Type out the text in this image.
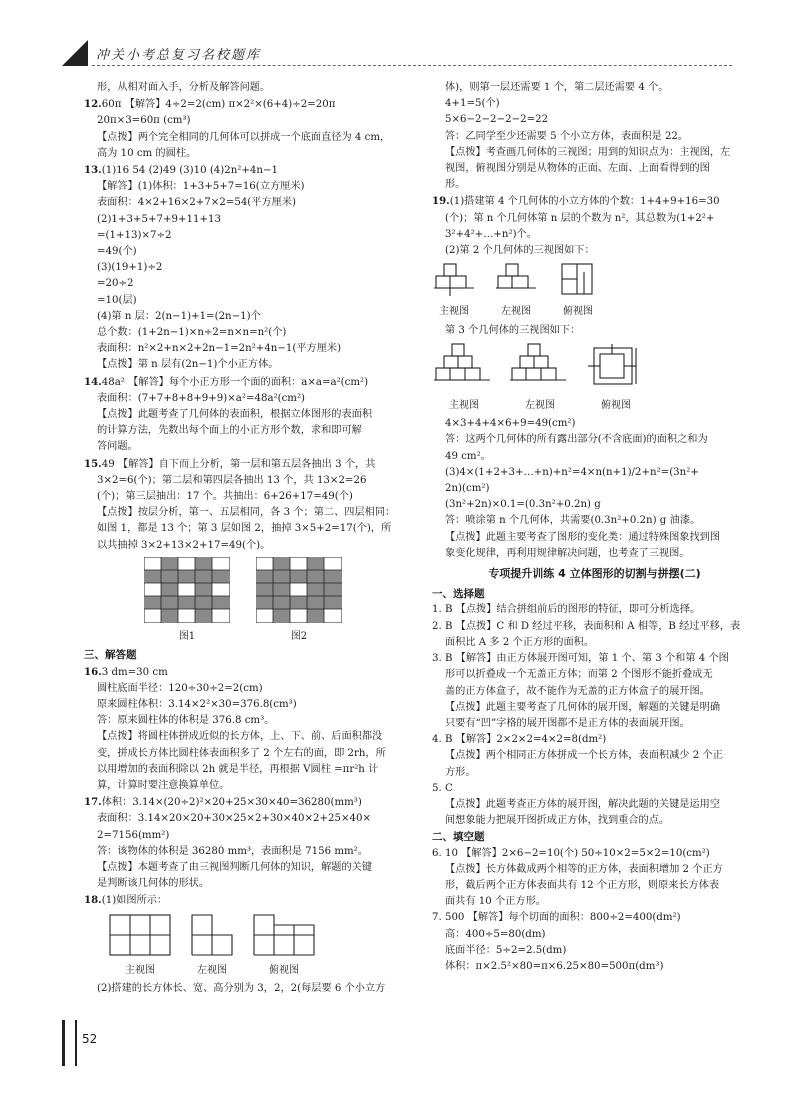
冲关小考总复习名校题库

形，从相对面入手，分析及解答问题。

12.60π 【解答】4÷2=2(cm) π×2²×(6+4)÷2=20π

20π×3=60π (cm³)

【点拨】两个完全相同的几何体可以拼成一个底面直径为 4 cm，

高为 10 cm 的圆柱。

13.(1)16 54 (2)49 (3)10 (4)2n²+4n−1

【解答】(1)体积：1+3+5+7=16(立方厘米)

表面积：4×2+16×2+7×2=54(平方厘米)

(2)1+3+5+7+9+11+13

=(1+13)×7÷2

=49(个)

(3)(19+1)÷2

=20÷2

=10(层)

(4)第 n 层：2(n−1)+1=(2n−1)个

总个数：(1+2n−1)×n÷2=n×n=n²(个)

表面积：n²×2+n×2+2n−1=2n²+4n−1(平方厘米)

【点拨】第 n 层有(2n−1)个小正方体。

14.48a² 【解答】每个小正方形一个面的面积：a×a=a²(cm²)

表面积：(7+7+8+8+9+9)×a²=48a²(cm²)

【点拨】此题考查了几何体的表面积，根据立体图形的表面积

的计算方法，先数出每个面上的小正方形个数，求和即可解

答问题。

15.49 【解答】自下而上分析，第一层和第五层各抽出 3 个，共

3×2=6(个)；第二层和第四层各抽出 13 个，共 13×2=26

(个)；第三层抽出：17 个。共抽出：6+26+17=49(个)

【点拨】按层分析，第一、五层相同，各 3 个；第二、四层相同：

如图 1，都是 13 个；第 3 层如图 2，抽掉 3×5+2=17(个)，所

以共抽掉 3×2+13×2+17=49(个)。

图1	图2

三、解答题

16.3 dm=30 cm

圆柱底面半径：120÷30÷2=2(cm)

原来圆柱体积：3.14×2²×30=376.8(cm³)

答：原来圆柱体的体积是 376.8 cm³。

【点拨】将圆柱体拼成近似的长方体，上、下、前、后面积都没

变，拼成长方体比圆柱体表面积多了 2 个左右的面，即 2rh，所

以用增加的表面积除以 2h 就是半径，再根据 V圆柱 =πr²h 计

算，计算时要注意换算单位。

17.体积：3.14×(20÷2)²×20+25×30×40=36280(mm³)

表面积：3.14×20×20+30×25×2+30×40×2+25×40×

2=7156(mm²)

答：该物体的体积是 36280 mm³，表面积是 7156 mm²。

【点拨】本题考查了由三视图判断几何体的知识，解题的关键

是判断该几何体的形状。

18.(1)如图所示：

主视图	左视图	俯视图

(2)搭建的长方体长、宽、高分别为 3，2，2(每层要 6 个小立方

体)，则第一层还需要 1 个，第二层还需要 4 个。

4+1=5(个)

5×6−2−2−2−2=22

答：乙同学至少还需要 5 个小立方体，表面积是 22。

【点拨】考查画几何体的三视图；用到的知识点为：主视图，左

视图，俯视图分别是从物体的正面、左面、上面看得到的图

形。

19.(1)搭建第 4 个几何体的小立方体的个数：1+4+9+16=30

(个)；第 n 个几何体第 n 层的个数为 n²，其总数为(1+2²+

3²+4²+…+n²)个。

(2)第 2 个几何体的三视图如下：

主视图	左视图	俯视图

第 3 个几何体的三视图如下：

主视图	左视图	俯视图

4×3+4+4×6+9=49(cm²)

答：这两个几何体的所有露出部分(不含底面)的面积之和为

49 cm²。

(3)4×(1+2+3+…+n)+n²=4×n(n+1)/2+n²=(3n²+

2n)(cm²)

(3n²+2n)×0.1=(0.3n²+0.2n) g

答：喷涂第 n 个几何体，共需要(0.3n²+0.2n) g 油漆。

【点拨】此题主要考查了图形的变化类：通过特殊图象找到图

象变化规律，再利用规律解决问题，也考查了三视图。

专项提升训练 4 立体图形的切割与拼摆(二)

一、选择题

1. B 【点拨】结合拼组前后的图形的特征，即可分析选择。

2. B 【点拨】C 和 D 经过平移，表面积和 A 相等，B 经过平移，表

面积比 A 多 2 个正方形的面积。

3. B 【解答】由正方体展开图可知，第 1 个、第 3 个和第 4 个图

形可以折叠成一个无盖正方体；而第 2 个图形不能折叠成无

盖的正方体盒子，故不能作为无盖的正方体盒子的展开图。

【点拨】此题主要考查了几何体的展开图，解题的关键是明确

只要有“凹”字格的展开图都不是正方体的表面展开图。

4. B 【解答】2×2×2=4×2=8(dm²)

【点拨】两个相同正方体拼成一个长方体，表面积减少 2 个正

方形。

5. C

【点拨】此题考查正方体的展开图，解决此题的关键是运用空

间想象能力把展开图折成正方体，找到重合的点。

二、填空题

6. 10 【解答】2×6−2=10(个) 50÷10×2=5×2=10(cm²)

【点拨】长方体截成两个相等的正方体，表面积增加 2 个正方

形，截后两个正方体表面共有 12 个正方形，则原来长方体表

面共有 10 个正方形。

7. 500 【解答】每个切面的面积：800÷2=400(dm²)

高：400÷5=80(dm)

底面半径：5÷2=2.5(dm)

体积：π×2.5²×80=π×6.25×80=500π(dm³)

52
